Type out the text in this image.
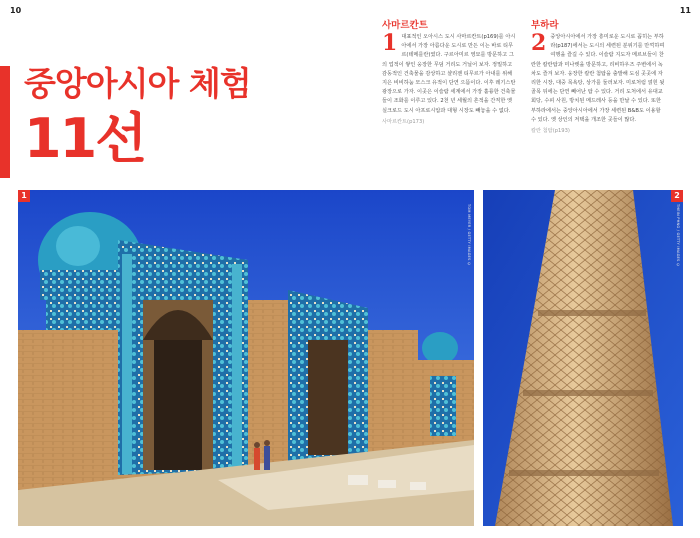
10	11
중앙아시아 체험
11선
사마르칸트
1 대표적인 오아시스 도시 사마르칸트(p169)를 아시아에서 가장 아름다운 도시로 만든 이는 바로 티무르(테메를란)였다. 구르아미르 영묘를 방문하고 그의 업적이 쌓인 웅장한 무덤 거리도 거닐어 보자. 정밀하고 감동적인 건축물을 감상하고 샬리젠 티무르가 아내를 위해 지은 비비하눔 모스크 유적이 단연 으뜸이다. 이후 레기스탄 광장으로 가자. 이곳은 이슬람 세계에서 가장 훌륭한 건축물들이 조화를 이루고 있다. 2천 년 세월의 흔적을 간직한 옛 실크로드 도시 아프로시압과 대형 시장도 빼놓을 수 없다.
사마르칸트(p173)
부하라
2 중앙아시아에서 가장 흥미로운 도시로 꼽히는 부하라(p187)에서는 도시의 세련된 분위기를 만끽하며 여행을 즐길 수 있다. 이슬람 지도자 메르브들이 찬란한 칼란탑과 미나렛을 방문하고, 리비하우즈 주변에서 녹차도 즐겨 보자. 웅장한 칼란 첨탑을 출발해 도심 곳곳에 자리한 시장, 대중 목욕탕, 상가를 둘러보자. 미로처럼 얽힌 뒷골목 뒤에는 단연 빼어난 탑 수 있다. 거리 도처에서 유대교회당, 수피 사원, 방치된 메드레사 등을 만날 수 있다. 또한 부하라에서는 중앙아시아에서 가장 세련된 B&B도 이용할 수 있다. 옛 상인의 저택을 개조한 곳들이 많다.
칼란 첨탑(p193)
1
TOM MEYER / GETTY IMAGES ©
2
THEIN PHNG / GETTY IMAGES ©
